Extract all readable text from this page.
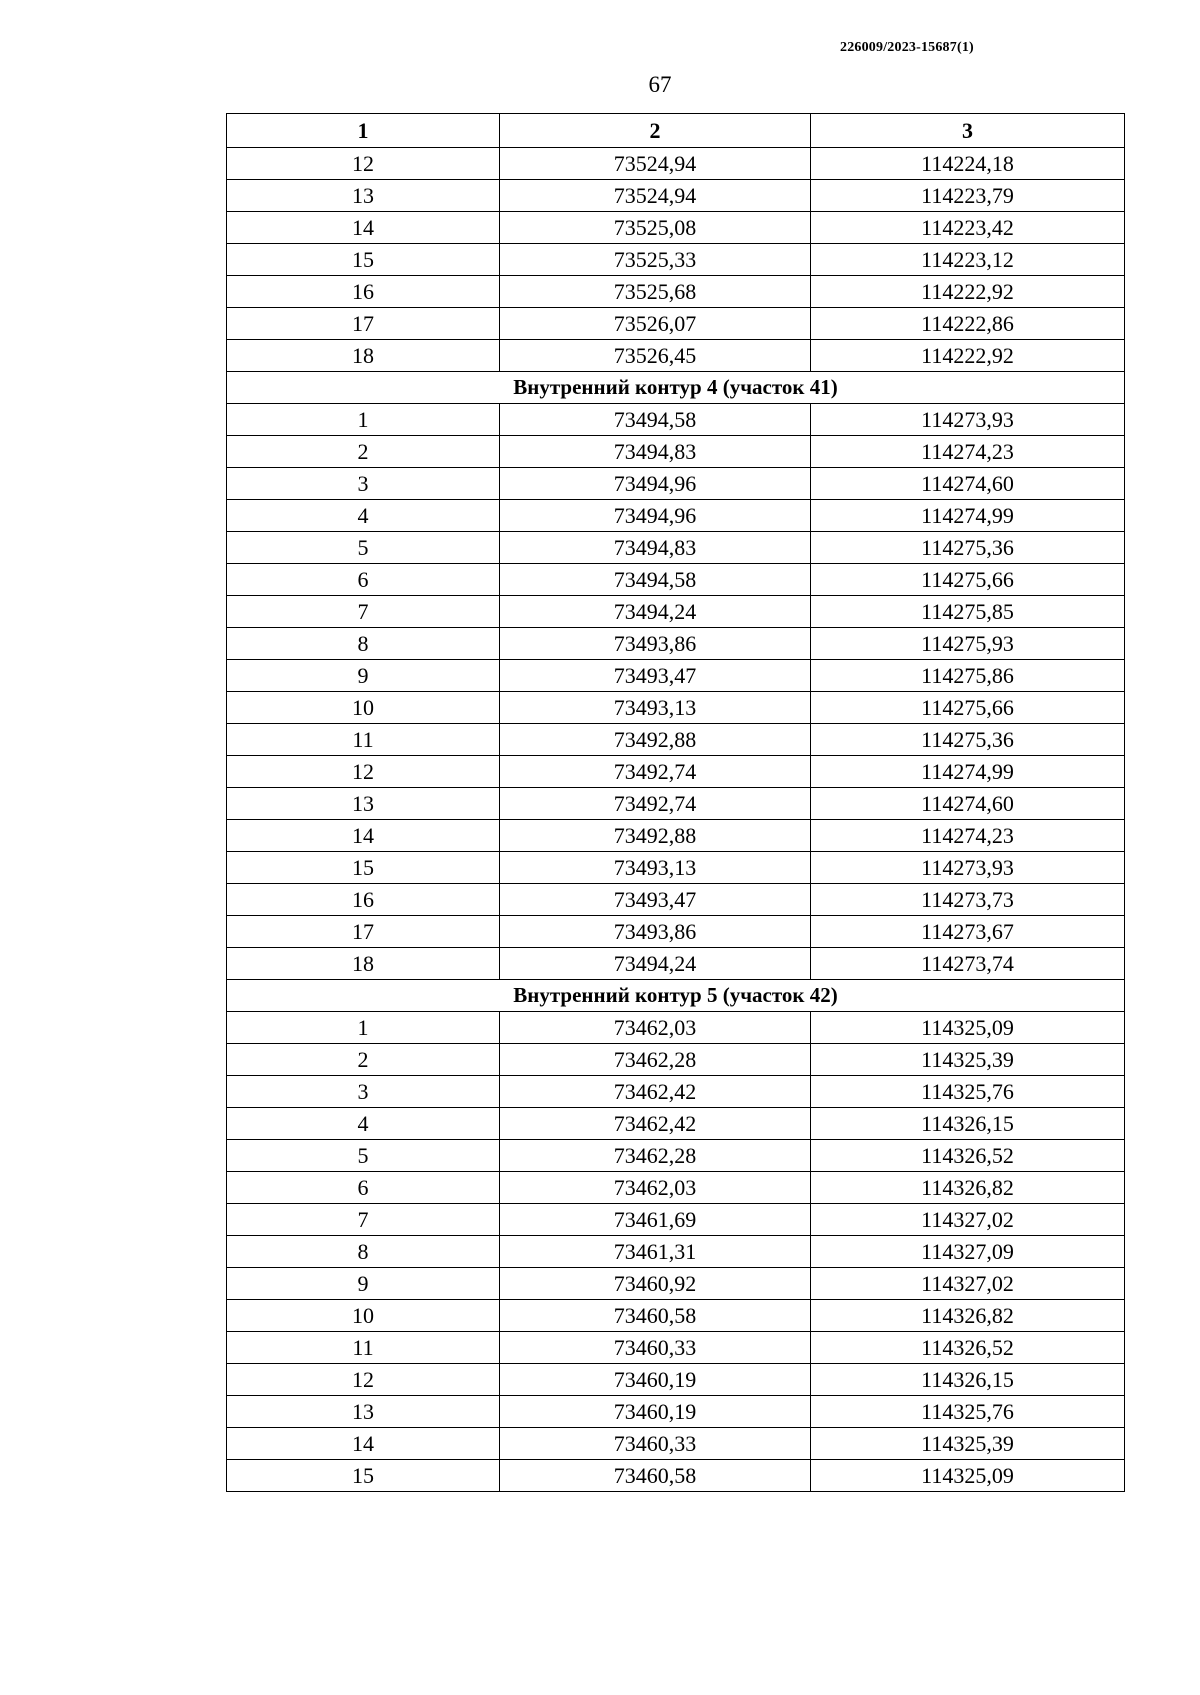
226009/2023-15687(1)
67
1	2	3
12	73524,94	114224,18
13	73524,94	114223,79
14	73525,08	114223,42
15	73525,33	114223,12
16	73525,68	114222,92
17	73526,07	114222,86
18	73526,45	114222,92
Внутренний контур 4 (участок 41)		
1	73494,58	114273,93
2	73494,83	114274,23
3	73494,96	114274,60
4	73494,96	114274,99
5	73494,83	114275,36
6	73494,58	114275,66
7	73494,24	114275,85
8	73493,86	114275,93
9	73493,47	114275,86
10	73493,13	114275,66
11	73492,88	114275,36
12	73492,74	114274,99
13	73492,74	114274,60
14	73492,88	114274,23
15	73493,13	114273,93
16	73493,47	114273,73
17	73493,86	114273,67
18	73494,24	114273,74
Внутренний контур 5 (участок 42)		
1	73462,03	114325,09
2	73462,28	114325,39
3	73462,42	114325,76
4	73462,42	114326,15
5	73462,28	114326,52
6	73462,03	114326,82
7	73461,69	114327,02
8	73461,31	114327,09
9	73460,92	114327,02
10	73460,58	114326,82
11	73460,33	114326,52
12	73460,19	114326,15
13	73460,19	114325,76
14	73460,33	114325,39
15	73460,58	114325,09
